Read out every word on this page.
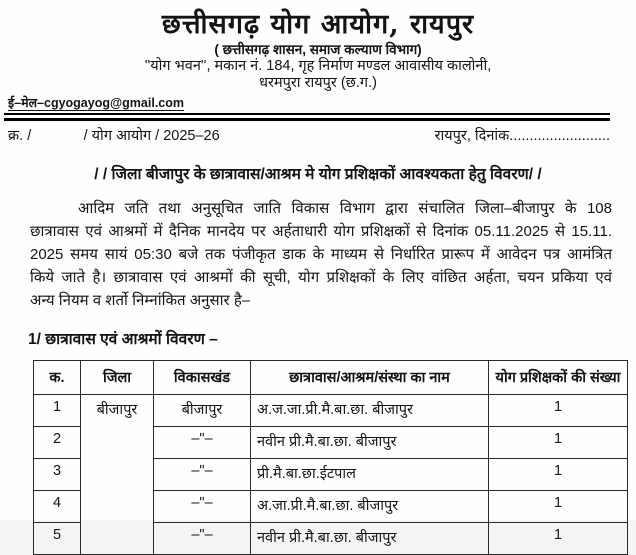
छत्तीसगढ़ योग आयोग, रायपुर
( छत्तीसगढ़ शासन, समाज कल्याण विभाग)
''योग भवन'', मकान नं. 184, गृह निर्माण मण्डल आवासीय कालोनी,
धरमपुरा रायपुर (छ.ग.)
ई–मेल–cgyogayog@gmail.com
क्र. /             / योग आयोग / 2025–26	रायपुर, दिनांक.........................
/ / जिला बीजापुर के छात्रावास/आश्रम मे योग प्रशिक्षकों आवश्यकता हेतु विवरण/ /
आदिम जति तथा अनुसूचित जाति विकास विभाग द्वारा संचालित जिला–बीजापुर के 108
छात्रावास एवं आश्रमों में दैनिक मानदेय पर अर्हताधारी योग प्रशिक्षकों से दिनांक 05.11.2025 से 15.11.
2025 समय सायं 05:30 बजे तक पंजीकृत डाक के माध्यम से निर्धारित प्रारूप में आवेदन पत्र आमंत्रित
किये जाते है। छात्रावास एवं आश्रमों की सूची, योग प्रशिक्षकों के लिए वांछित अर्हता, चयन प्रकिया एवं
अन्य नियम व शर्तो निम्नांकित अनुसार है–
1/ छात्रावास एवं आश्रमों विवरण –
क.	जिला	विकासखंड	छात्रावास/आश्रम/संस्था का नाम	योग प्रशिक्षकों की संख्या
1	बीजापुर	बीजापुर	अ.ज.जा.प्री.मै.बा.छा. बीजापुर	1
2		–"–	नवीन प्री.मै.बा.छा. बीजापुर	1
3		–"–	प्री.मै.बा.छा.ईटपाल	1
4		–"–	अ.जा.प्री.मै.बा.छा. बीजापुर	1
5		–"–	नवीन प्री.मै.बा.छा. बीजापुर	1
